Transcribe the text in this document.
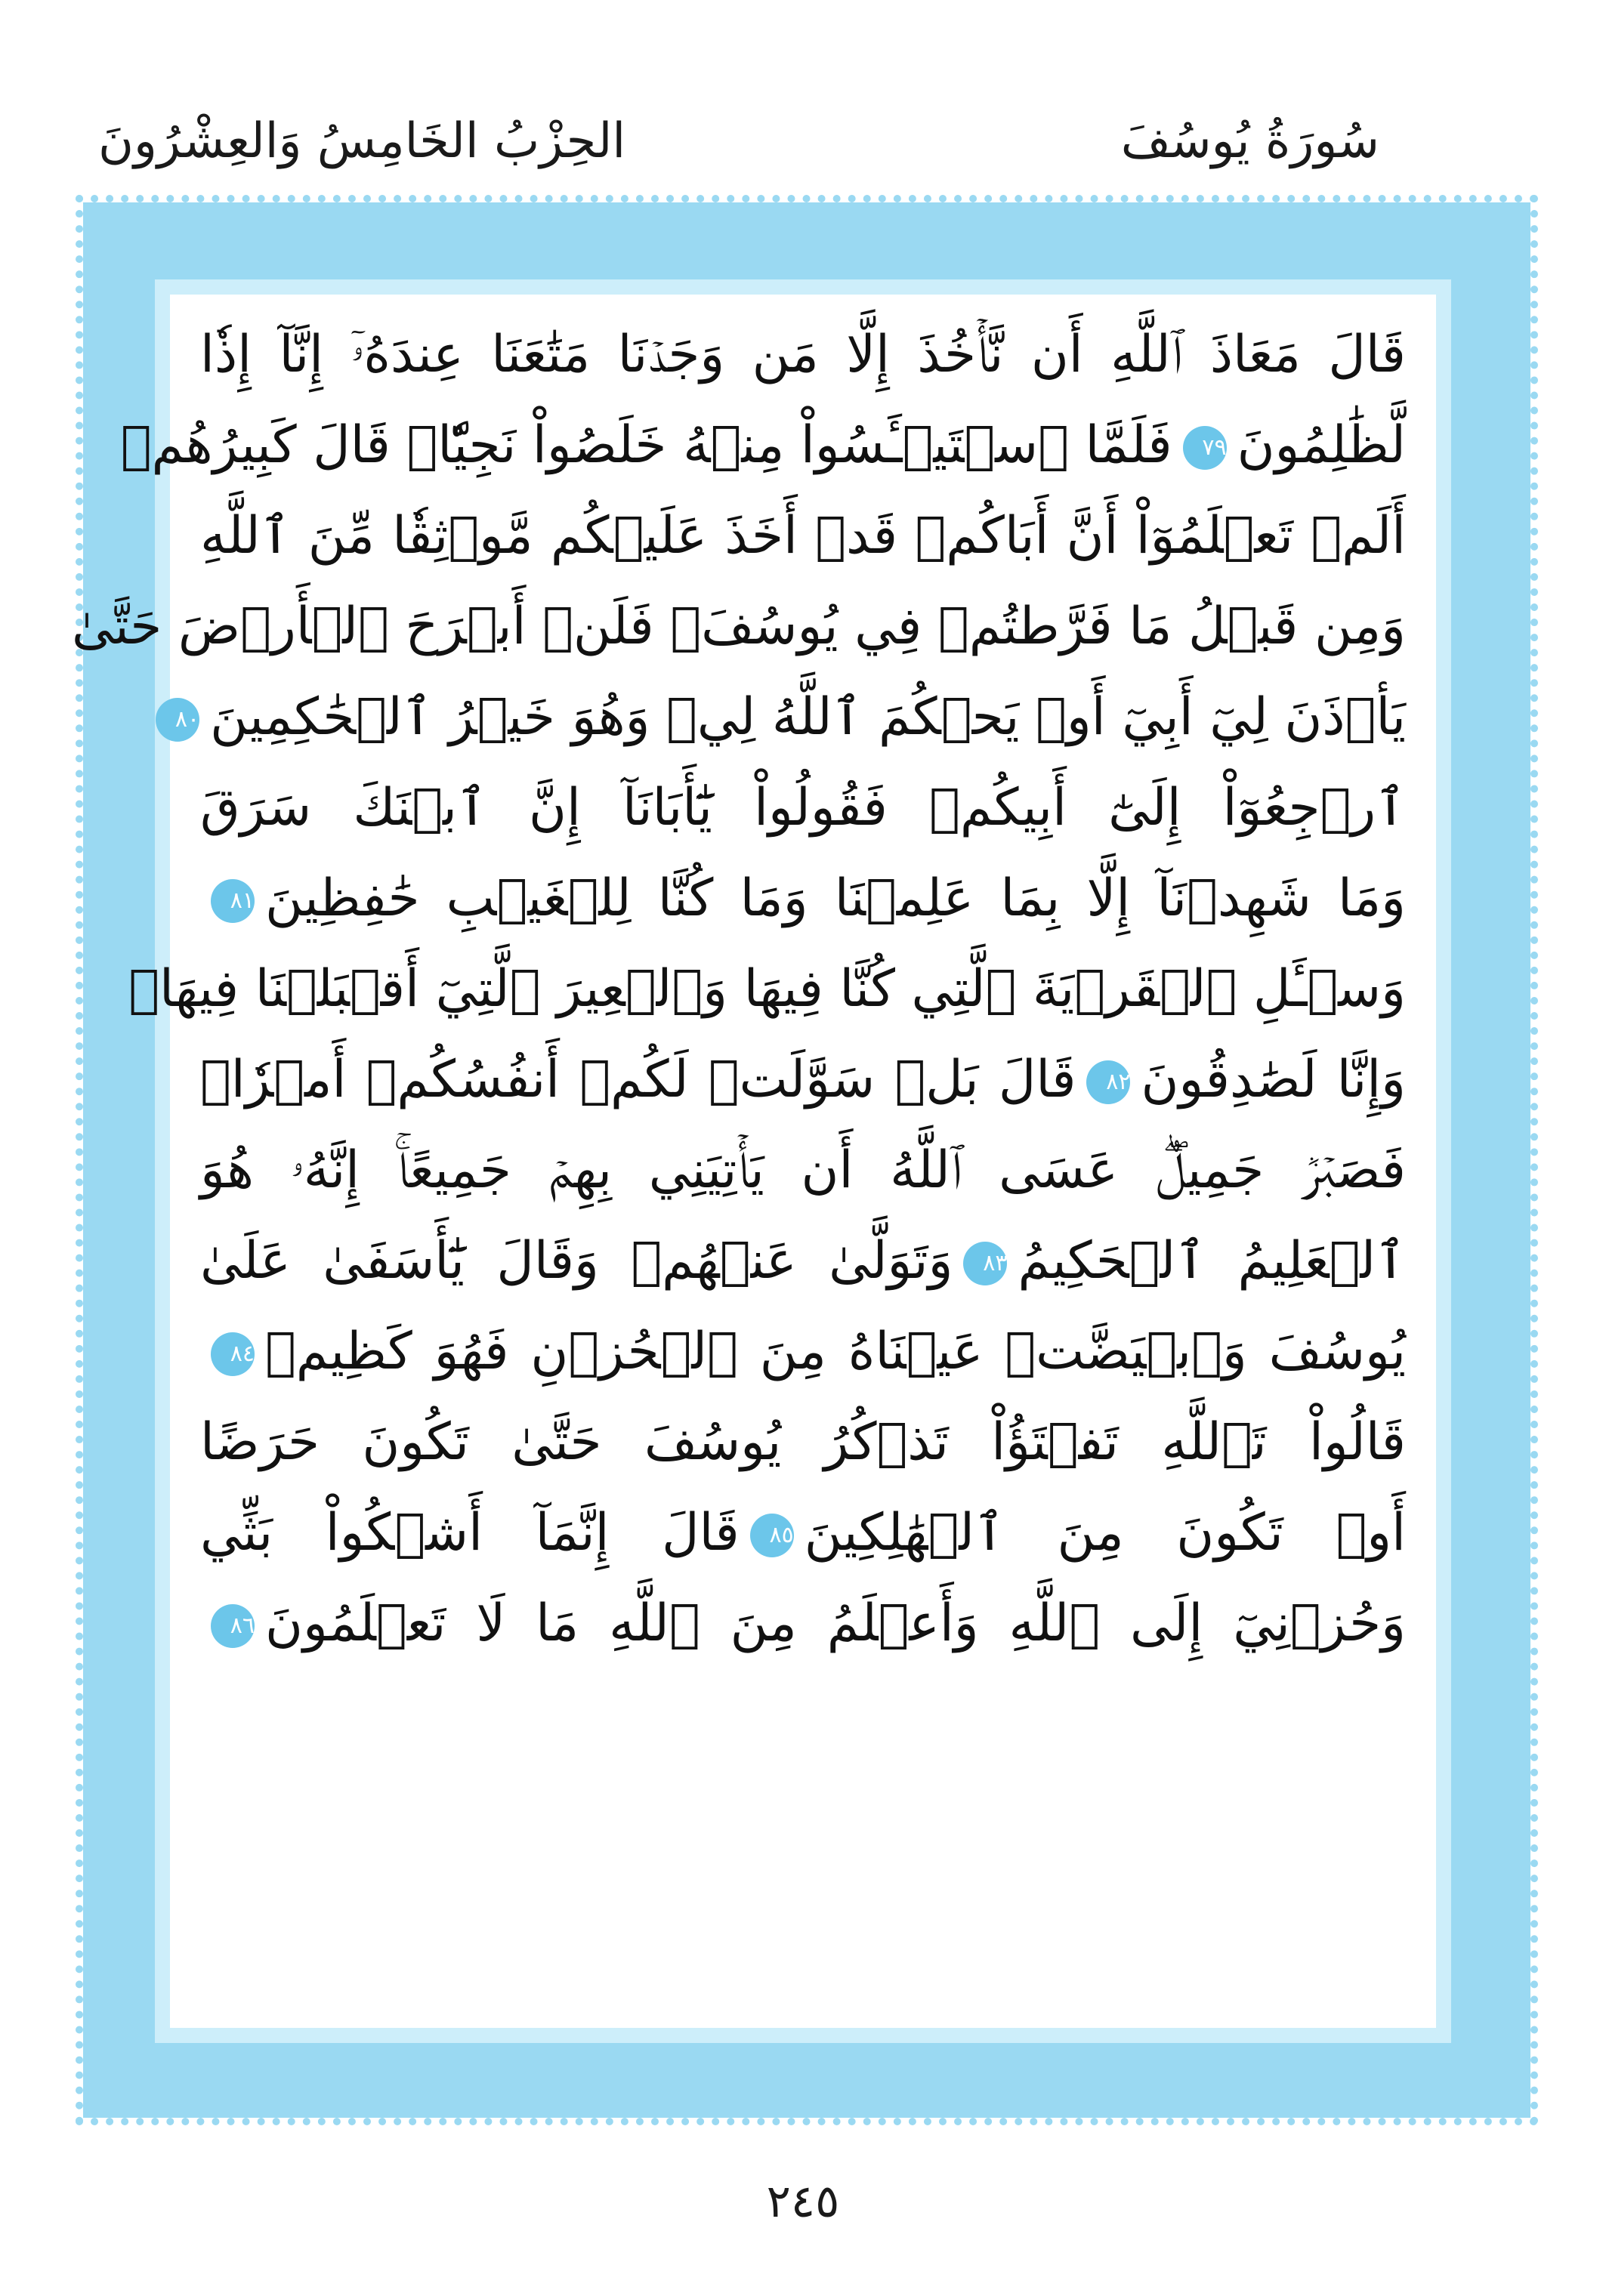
سُورَةُ يُوسُفَ
الحِزْبُ الخَامِسُ وَالعِشْرُونَ
قَالَ مَعَاذَ ٱللَّهِ أَن نَّأۡخُذَ إِلَّا مَن وَجَدۡنَا مَتَٰعَنَا عِندَهُۥٓ إِنَّآ إِذٗا
لَّظَٰلِمُونَ٧٩فَلَمَّا ٱسۡتَيۡـَٔسُواْ مِنۡهُ خَلَصُواْ نَجِيّٗاۖ قَالَ كَبِيرُهُمۡ
أَلَمۡ تَعۡلَمُوٓاْ أَنَّ أَبَاكُمۡ قَدۡ أَخَذَ عَلَيۡكُم مَّوۡثِقٗا مِّنَ ٱللَّهِ
وَمِن قَبۡلُ مَا فَرَّطتُمۡ فِي يُوسُفَۖ فَلَنۡ أَبۡرَحَ ٱلۡأَرۡضَ حَتَّىٰ
يَأۡذَنَ لِيٓ أَبِيٓ أَوۡ يَحۡكُمَ ٱللَّهُ لِيۖ وَهُوَ خَيۡرُ ٱلۡحَٰكِمِينَ٨٠
ٱرۡجِعُوٓاْ إِلَىٰٓ أَبِيكُمۡ فَقُولُواْ يَٰٓأَبَانَآ إِنَّ ٱبۡنَكَ سَرَقَ
وَمَا شَهِدۡنَآ إِلَّا بِمَا عَلِمۡنَا وَمَا كُنَّا لِلۡغَيۡبِ حَٰفِظِينَ٨١
وَسۡـَٔلِ ٱلۡقَرۡيَةَ ٱلَّتِي كُنَّا فِيهَا وَٱلۡعِيرَ ٱلَّتِيٓ أَقۡبَلۡنَا فِيهَاۖ
وَإِنَّا لَصَٰدِقُونَ٨٢قَالَ بَلۡ سَوَّلَتۡ لَكُمۡ أَنفُسُكُمۡ أَمۡرٗاۖ
فَصَبۡرٞ جَمِيلٌۖ عَسَى ٱللَّهُ أَن يَأۡتِيَنِي بِهِمۡ جَمِيعًاۚ إِنَّهُۥ هُوَ
ٱلۡعَلِيمُ ٱلۡحَكِيمُ٨٣وَتَوَلَّىٰ عَنۡهُمۡ وَقَالَ يَٰٓأَسَفَىٰ عَلَىٰ
يُوسُفَ وَٱبۡيَضَّتۡ عَيۡنَاهُ مِنَ ٱلۡحُزۡنِ فَهُوَ كَظِيمٞ٨٤
قَالُواْ تَٱللَّهِ تَفۡتَؤُاْ تَذۡكُرُ يُوسُفَ حَتَّىٰ تَكُونَ حَرَضًا
أَوۡ تَكُونَ مِنَ ٱلۡهَٰلِكِينَ٨٥قَالَ إِنَّمَآ أَشۡكُواْ بَثِّي
وَحُزۡنِيٓ إِلَى ٱللَّهِ وَأَعۡلَمُ مِنَ ٱللَّهِ مَا لَا تَعۡلَمُونَ٨٦
٢٤٥
